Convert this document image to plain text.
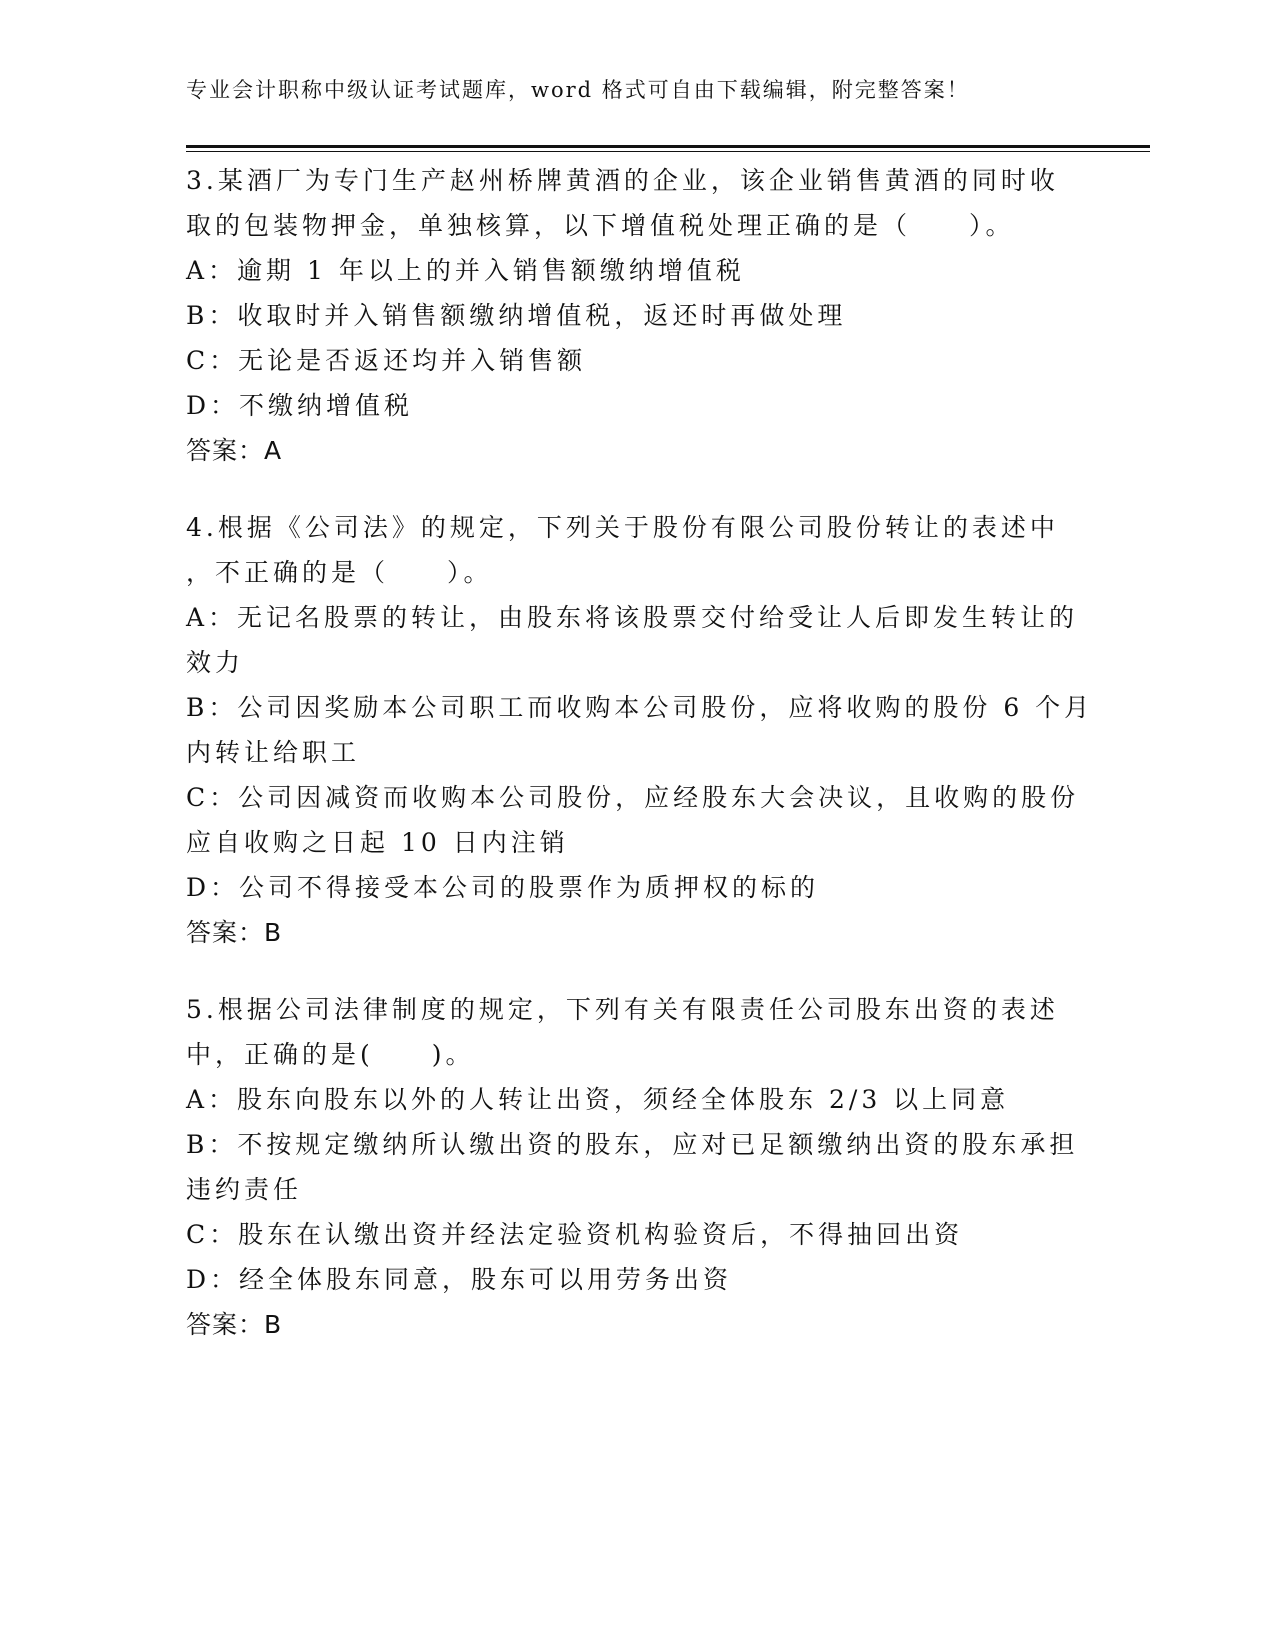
专业会计职称中级认证考试题库，word 格式可自由下载编辑，附完整答案！
3.某酒厂为专门生产赵州桥牌黄酒的企业，该企业销售黄酒的同时收
取的包装物押金，单独核算，以下增值税处理正确的是（　　）。
A：逾期 1 年以上的并入销售额缴纳增值税
B：收取时并入销售额缴纳增值税，返还时再做处理
C：无论是否返还均并入销售额
D：不缴纳增值税
答案：A
4.根据《公司法》的规定，下列关于股份有限公司股份转让的表述中
，不正确的是（　　）。
A：无记名股票的转让，由股东将该股票交付给受让人后即发生转让的
效力
B：公司因奖励本公司职工而收购本公司股份，应将收购的股份 6 个月
内转让给职工
C：公司因减资而收购本公司股份，应经股东大会决议，且收购的股份
应自收购之日起 10 日内注销
D：公司不得接受本公司的股票作为质押权的标的
答案：B
5.根据公司法律制度的规定，下列有关有限责任公司股东出资的表述
中，正确的是(　　)。
A：股东向股东以外的人转让出资，须经全体股东 2/3 以上同意
B：不按规定缴纳所认缴出资的股东，应对已足额缴纳出资的股东承担
违约责任
C：股东在认缴出资并经法定验资机构验资后，不得抽回出资
D：经全体股东同意，股东可以用劳务出资
答案：B
